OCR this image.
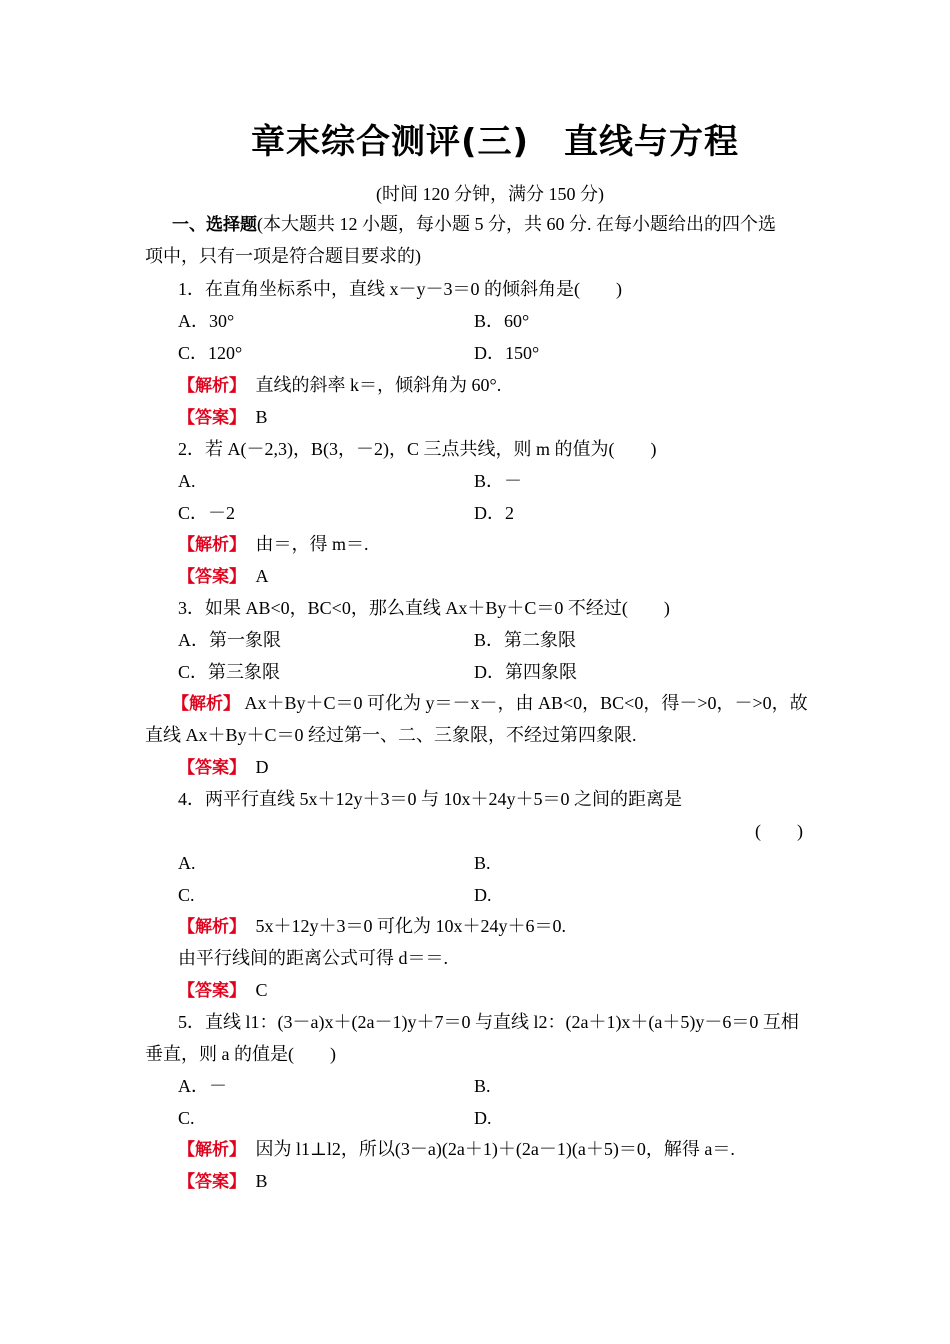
章末综合测评(三)　直线与方程
(时间 120 分钟，满分 150 分)
一、选择题(本大题共 12 小题，每小题 5 分，共 60 分. 在每小题给出的四个选
项中，只有一项是符合题目要求的)
1．在直角坐标系中，直线 x－y－3＝0 的倾斜角是(　　)
A．30°	B．60°
C．120°	D．150°
【解析】　 直线的斜率 k＝，倾斜角为 60°.
【答案】　 B
2．若 A(－2,3)，B(3，－2)，C 三点共线，则 m 的值为(　　)
A.	B．－
C．－2	D．2
【解析】　 由＝，得 m＝.
【答案】　 A
3．如果 AB<0，BC<0，那么直线 Ax＋By＋C＝0 不经过(　　)
A．第一象限	B．第二象限
C．第三象限	D．第四象限
【解析】 Ax＋By＋C＝0 可化为 y＝－x－，由 AB<0，BC<0，得－>0，－>0，故
直线 Ax＋By＋C＝0 经过第一、二、三象限，不经过第四象限.
【答案】　 D
4．两平行直线 5x＋12y＋3＝0 与 10x＋24y＋5＝0 之间的距离是
(　　)
A.	B.
C.	D.
【解析】　 5x＋12y＋3＝0 可化为 10x＋24y＋6＝0.
由平行线间的距离公式可得 d＝＝.
【答案】　 C
5．直线 l1：(3－a)x＋(2a－1)y＋7＝0 与直线 l2：(2a＋1)x＋(a＋5)y－6＝0 互相
垂直，则 a 的值是(　　)
A．－	B.
C.	D.
【解析】　 因为 l1⊥l2，所以(3－a)(2a＋1)＋(2a－1)(a＋5)＝0，解得 a＝.
【答案】　 B
